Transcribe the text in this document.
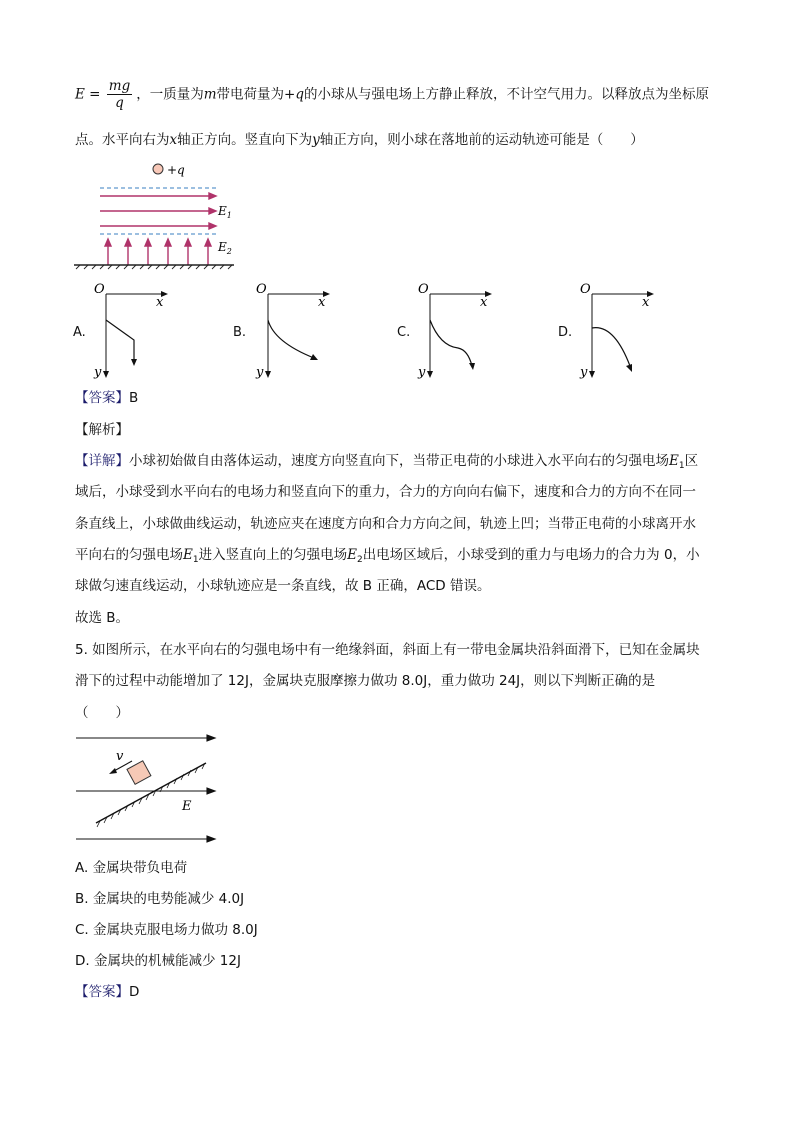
$E = \frac{mg}{q}$ ，一质量为m带电荷量为+q的小球从与强电场上方静止释放，不计空气用力。以释放点为坐标原
点。水平向右为x轴正方向。竖直向下为y轴正方向，则小球在落地前的运动轨迹可能是（　　）
+q
$E_1$
$E_2$
A.
O
x
y
B.
O
x
y
C.
O
x
y
D.
O
x
y
【答案】B
【解析】
【详解】小球初始做自由落体运动，速度方向竖直向下，当带正电荷的小球进入水平向右的匀强电场$E_1$区
域后，小球受到水平向右的电场力和竖直向下的重力，合力的方向向右偏下，速度和合力的方向不在同一
条直线上，小球做曲线运动，轨迹应夹在速度方向和合力方向之间，轨迹上凹；当带正电荷的小球离开水
平向右的匀强电场$E_1$进入竖直向上的匀强电场$E_2$出电场区域后，小球受到的重力与电场力的合力为 0，小
球做匀速直线运动，小球轨迹应是一条直线，故 B 正确，ACD 错误。
故选 B。
5. 如图所示，在水平向右的匀强电场中有一绝缘斜面，斜面上有一带电金属块沿斜面滑下，已知在金属块
滑下的过程中动能增加了 12J，金属块克服摩擦力做功 8.0J，重力做功 24J，则以下判断正确的是
（　　）
v
E
A. 金属块带负电荷
B. 金属块的电势能减少 4.0J
C. 金属块克服电场力做功 8.0J
D. 金属块的机械能减少 12J
【答案】D
